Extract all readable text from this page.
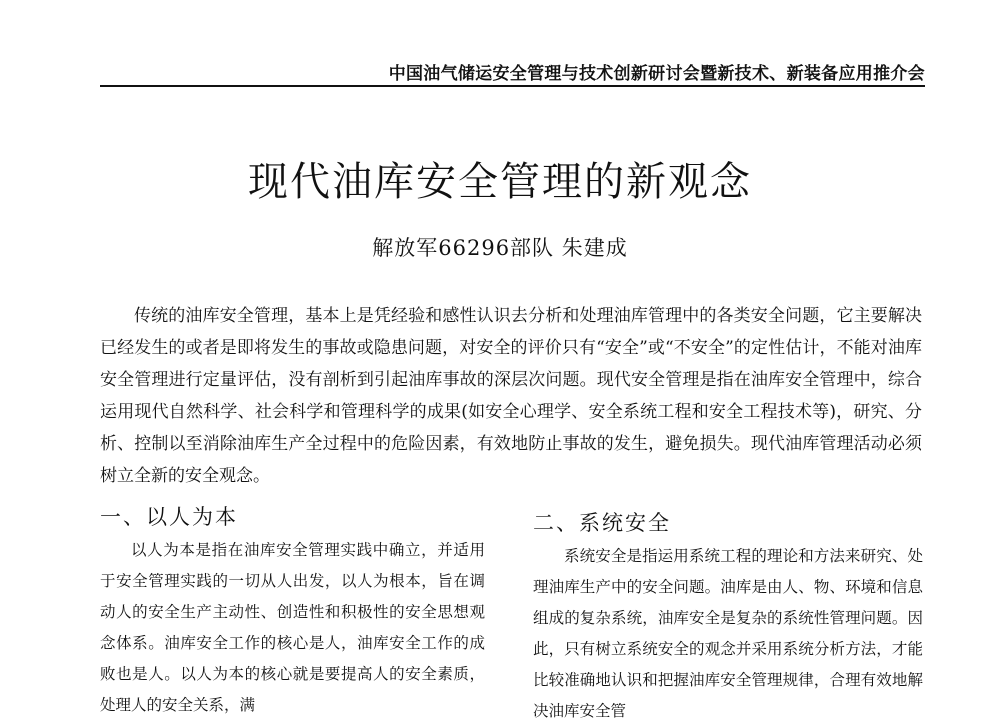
中国油气储运安全管理与技术创新研讨会暨新技术、新装备应用推介会
现代油库安全管理的新观念
解放军66296部队 朱建成

传统的油库安全管理，基本上是凭经验和感性认识去分析和处理油库管理中的各类安全问题，它主要解决已经发生的或者是即将发生的事故或隐患问题，对安全的评价只有“安全”或“不安全”的定性估计，不能对油库安全管理进行定量评估，没有剖析到引起油库事故的深层次问题。现代安全管理是指在油库安全管理中，综合运用现代自然科学、社会科学和管理科学的成果(如安全心理学、安全系统工程和安全工程技术等)，研究、分析、控制以至消除油库生产全过程中的危险因素，有效地防止事故的发生，避免损失。现代油库管理活动必须树立全新的安全观念。

一、以人为本

以人为本是指在油库安全管理实践中确立，并适用于安全管理实践的一切从人出发，以人为根本，旨在调动人的安全生产主动性、创造性和积极性的安全思想观念体系。油库安全工作的核心是人，油库安全工作的成败也是人。以人为本的核心就是要提高人的安全素质，处理人的安全关系，满

二、系统安全

系统安全是指运用系统工程的理论和方法来研究、处理油库生产中的安全问题。油库是由人、物、环境和信息组成的复杂系统，油库安全是复杂的系统性管理问题。因此，只有树立系统安全的观念并采用系统分析方法，才能比较准确地认识和把握油库安全管理规律，合理有效地解决油库安全管
